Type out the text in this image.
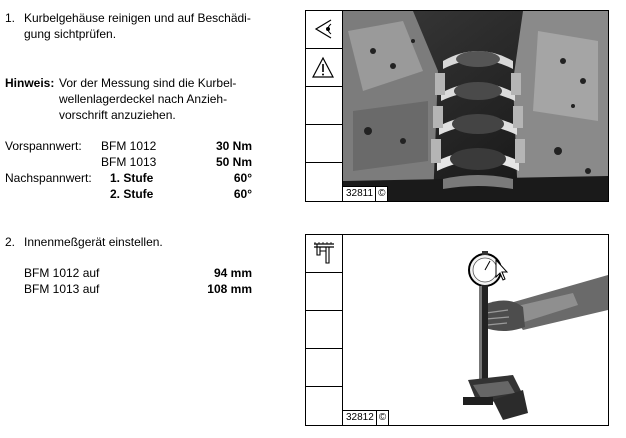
1. Kurbelgehäuse reinigen und auf Beschädi-
gung sichtprüfen.
Hinweis: Vor der Messung sind die Kurbel-
wellenlagerdeckel nach Anzieh-
vorschrift anzuziehen.
Vorspannwert: BFM 1012	30 Nm
BFM 1013	50 Nm
Nachspannwert: 1. Stufe	60°
2. Stufe	60°
2. Innenmeßgerät einstellen.
BFM 1012 auf	94 mm
BFM 1013 auf	108 mm
32811 ©
32812 ©
